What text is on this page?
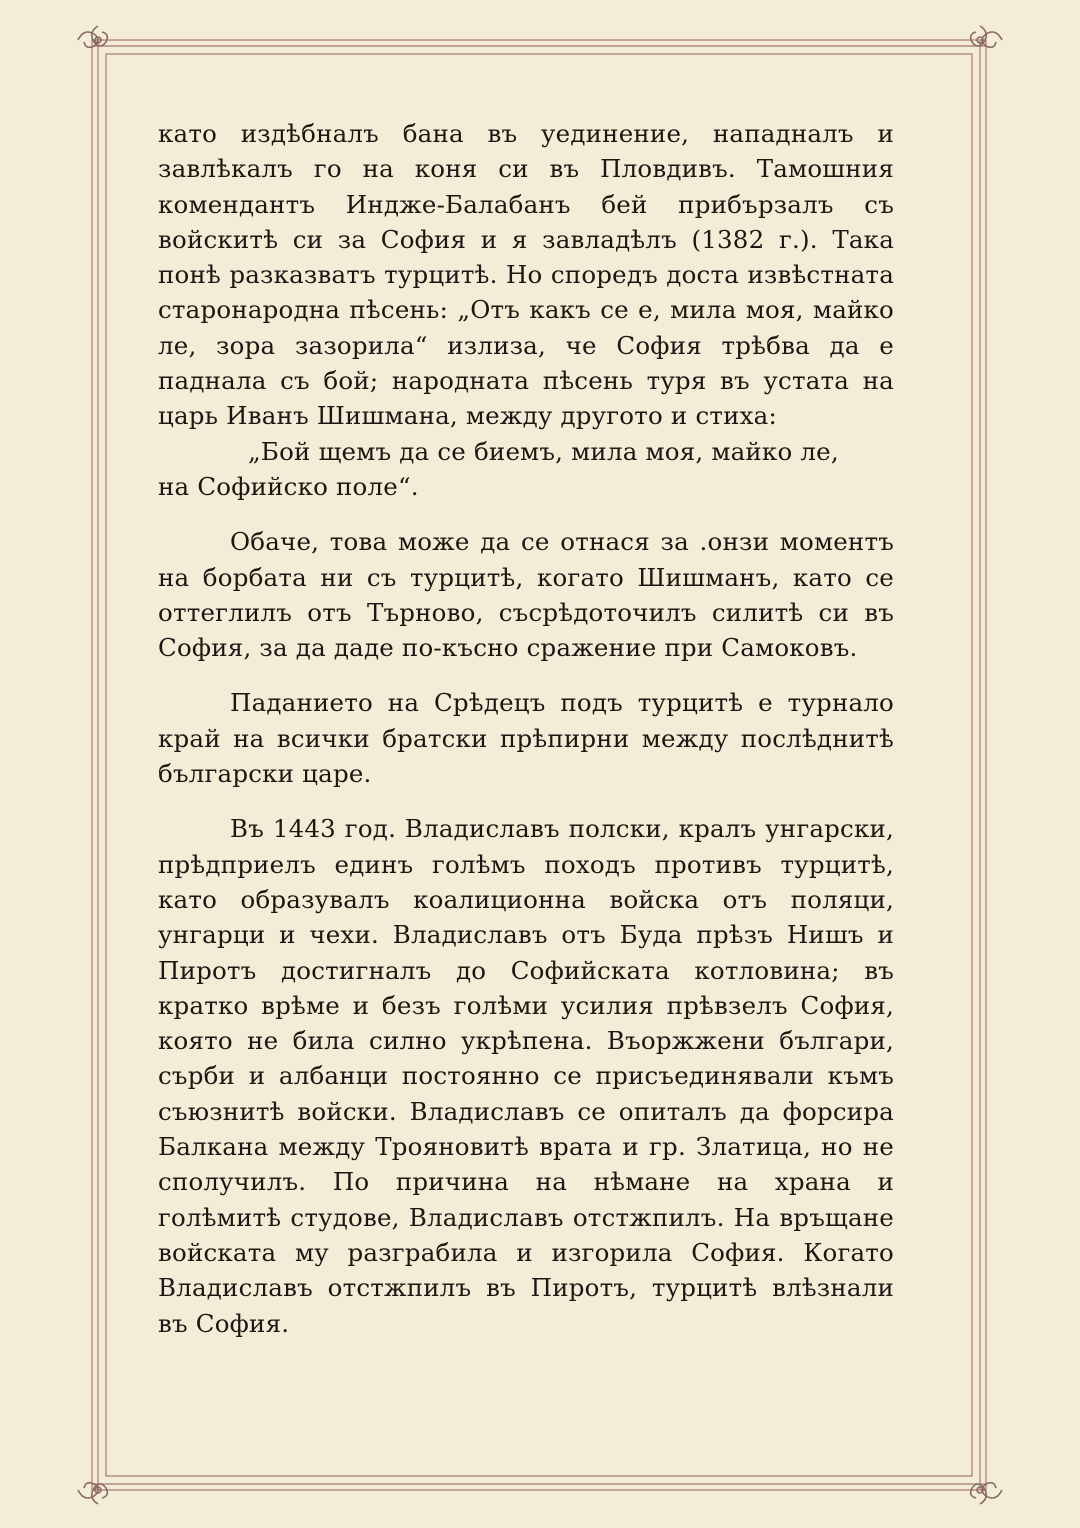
като издѣбналъ бана въ уединение, нападналъ и завлѣкалъ го на коня си въ Пловдивъ. Тамошния комендантъ Индже-Балабанъ бей прибързалъ съ войскитѣ си за София и я завладѣлъ (1382 г.). Така понѣ разказватъ турцитѣ. Но споредъ доста извѣстната старонародна пѣсень: „Отъ какъ се е, мила моя, майко ле, зора зазорила“ излиза, че София трѣбва да е паднала съ бой; народната пѣсень туря въ устата на царь Иванъ Шишмана, между другото и стиха:

„Бой щемъ да се биемъ, мила моя, майко ле,
на Софийско поле“.

Обаче, това може да се отнася за .онзи моментъ на борбата ни съ турцитѣ, когато Шишманъ, като се оттеглилъ отъ Търново, съсрѣдоточилъ силитѣ си въ София, за да даде по-късно сражение при Самоковъ.

Паданието на Срѣдецъ подъ турцитѣ е турнало край на всички братски прѣпирни между послѣднитѣ български царе.

Въ 1443 год. Владиславъ полски, кралъ унгарски, прѣдприелъ единъ голѣмъ походъ противъ турцитѣ, като образувалъ коалиционна войска отъ поляци, унгарци и чехи. Владиславъ отъ Буда прѣзъ Нишъ и Пиротъ достигналъ до Софийската котловина; въ кратко врѣме и безъ голѣми усилия прѣвзелъ София, която не била силно укрѣпена. Въоржжени българи, сърби и албанци постоянно се присъединявали къмъ съюзнитѣ войски. Владиславъ се опиталъ да форсира Балкана между Трояновитѣ врата и гр. Златица, но не сполучилъ. По причина на нѣмане на храна и голѣмитѣ студове, Владиславъ отстжпилъ. На връщане войската му разграбила и изгорила София. Когато Владиславъ отстжпилъ въ Пиротъ, турцитѣ влѣзнали въ София.
